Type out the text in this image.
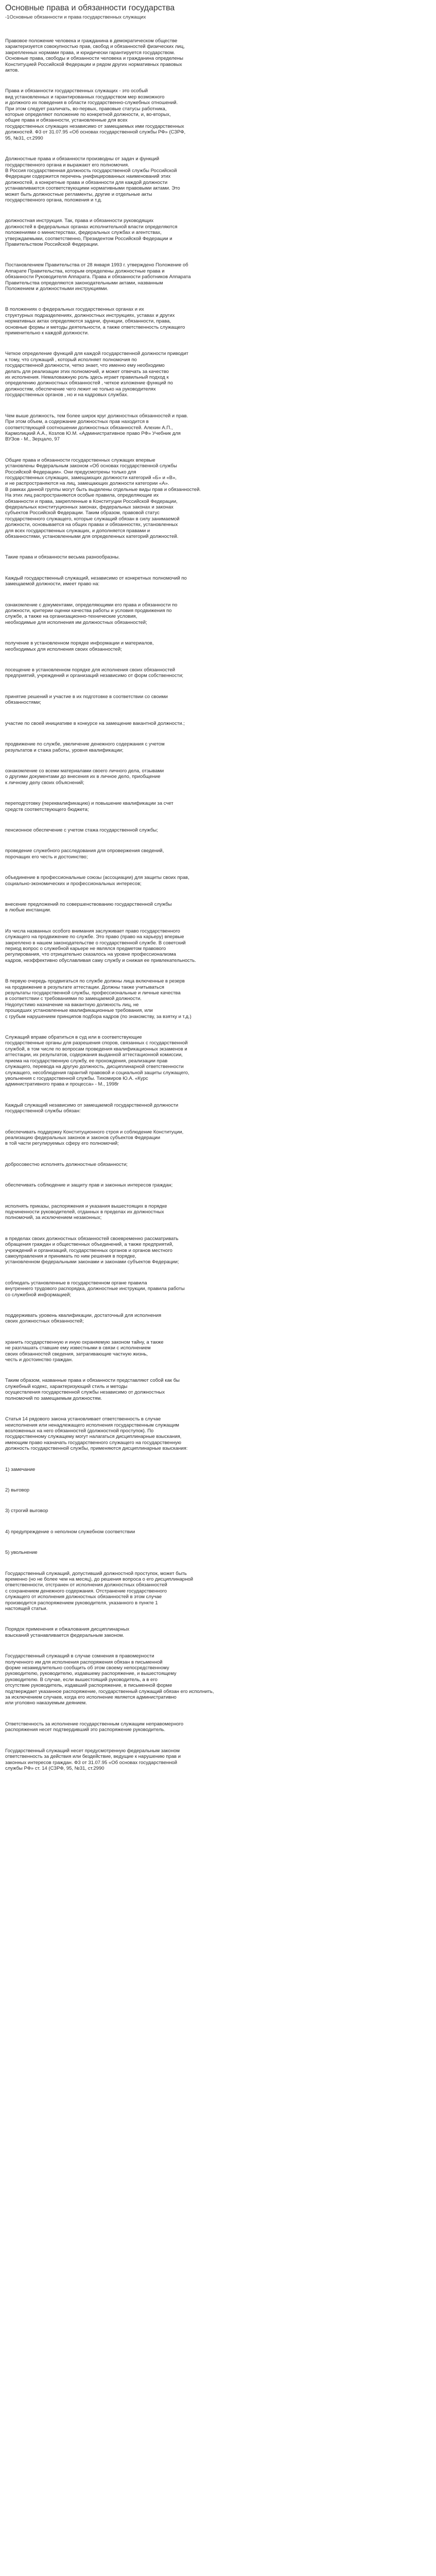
Основные права и обязанности государства
-1Основные обязанности и права государственных служащих
Правовое положение человека и гражданина в демократическом обществе
характеризуется совокупностью прав, свобод и обязанностей физических лиц,
закрепленных нормами права, и юридически гарантируется государством.
Основные права, свободы и обязанности человека и гражданина определены
Конституцией Российской Федерации и рядом других нормативных правовых
актов.
Права и обязанности государственных служащих - это особый
вид установленных и гарантированных государством мер возможного
и должного их поведения в области государственно-служебных отношений.
При этом следует различать, во-первых, правовые статусы работника,
которые определяют положение по конкретной должности, и, во-вторых,
общие права и обязанности, установленные для всех
государственных служащих независимо от замещаемых ими государственных
должностей. Ф3 от 31.07.95 «Об основах государственной службы РФ» (СЗРФ,
95, №31, ст.2990
Должностные права и обязанности производны от задач и функций
государственного органа и выражают его полномочия.
В Россия государственная должность государственной службы Российской
Федерации содержится перечень унифицированных наименований этих
должностей, а конкретные права и обязанности для каждой должности
устанавливаются соответствующими нормативными правовыми актами. Это
может быть должностные регламенты, другие и отдельные акты
государственного органа, положения и т.д.
должностная инструкция. Так, права и обязанности руководящих
должностей в федеральных органах исполнительной власти определяются
положениями о министерствах, федеральных службах и агентствах,
утверждаемыми, соответственно, Президентом Российской Федерации и
Правительством Российской Федерации.
Постановлением Правительства от 28 января 1993 г. утверждено Положение об
Аппарате Правительства, которым определены должностные права и
обязанности Руководителя Аппарата. Права и обязанности работников Аппарата
Правительства определяются законодательными актами, названным
Положением и должностными инструкциями.
В положениях о федеральных государственных органах и их
структурных подразделениях, должностных инструкциях, уставах и других
нормативных актах определяются задачи, функции, обязанности, права,
основные формы и методы деятельности, а также ответственность служащего
применительно к каждой должности.
Четкое определение функций для каждой государственной должности приводит
к тому, что служащий , который исполняет полномочия по
государственной должности, четко знает, что именно ему необходимо
делать для реализации этих полномочий, и может отвечать за качество
их исполнения. Немаловажную роль здесь играет правильный подход к
определению должностных обязанностей , четкое изложение функций по
должностям, обеспечение чего лежит не только на руководителях
государственных органов , но и на кадровых службах.
Чем выше должность, тем более широк круг должностных обязанностей и прав.
При этом объем, а содержание должностных прав находится в
соответствующей соотношении должностных обязанностей. Алехин А.П.,
Кармолицкий А.А., Козлов Ю.М. «Административное право РФ» Учебник для
ВУЗов - М., Зерцало, 97
Общие права и обязанности государственных служащих впервые
установлены Федеральным законом «Об основах государственной службы
Российской Федерации». Они предусмотрены только для
государственных служащих, замещающих должности категорий «Б» и «В»,
и не распространяются на лиц, замещающих должности категории «А».
В рамках данной группы могут быть выделены отдельные виды прав и обязанностей.
На этих лиц распространяются особые правила, определяющие их
обязанности и права, закрепленные в Конституции Российской Федерации,
федеральных конституционных законах, федеральных законах и законах
субъектов Российской Федерации. Таким образом, правовой статус
государственного служащего, которые служащий обязан в силу занимаемой
должности, основывается на общих правах и обязанностях, установленных
для всех государственных служащих, и дополняется правами и
обязанностями, установленными для определенных категорий должностей.
Такие права и обязанности весьма разнообразны.
Каждый государственный служащий, независимо от конкретных полномочий по
замещаемой должности, имеет право на:
ознакомление с документами, определяющими его права и обязанности по
должности, критерии оценки качества работы и условия продвижения по
службе, а также на организационно-технические условия,
необходимые для исполнения им должностных обязанностей;
получение в установленном порядке информации и материалов,
необходимых для исполнения своих обязанностей;
посещение в установленном порядке для исполнения своих обязанностей
предприятий, учреждений и организаций независимо от форм собственности;
принятие решений и участие в их подготовке в соответствии со своими
обязанностями;
участие по своей инициативе в конкурсе на замещение вакантной должности.;
продвижение по службе, увеличение денежного содержания с учетом
результатов и стажа работы, уровня квалификации;
ознакомление со всеми материалами своего личного дела, отзывами
о другими документами до внесения их в личное дело, приобщение
к личному делу своих объяснений;
переподготовку (переквалификацию) и повышение квалификации за счет
средств соответствующего бюджета;
пенсионное обеспечение с учетом стажа государственной службы;
проведение служебного расследования для опровержения сведений,
порочащих его честь и достоинство;
объединение в профессиональные союзы (ассоциации) для защиты своих прав,
социально-экономических и профессиональных интересов;
внесение предложений по совершенствованию государственной службы
в любые инстанции.
Из числа названных особого внимания заслуживает право государственного
служащего на продвижение по службе. Это право (право на карьеру) впервые
закреплено в нашем законодательстве о государственной службе. В советский
период вопрос о служебной карьере не являлся предметом правового
регулирования, что отрицательно сказалось на уровне профессионализма
кадров, неэффективно обуславливая саму службу и снижая ее привлекательность.
В первую очередь продвигаться по службе должны лица включенные в резерв
на продвижение в результате аттестации. Должны также учитываться
результаты государственной службы, профессиональные и личные качества
в соответствии с требованиями по замещаемой должности.
Недопустимо назначение на вакантную должность лиц, не
прошедших установленные квалификационные требования, или
с грубым нарушением принципов подбора кадров (по знакомству, за взятку и т.д.)
Служащий вправе обратиться в суд или в соответствующие
государственные органы для разрешения споров, связанных с государственной
службой, в том числе по вопросам проведения квалификационных экзаменов и
аттестации, их результатов, содержания выданной аттестационной комиссии,
приема на государственную службу, ее прохождения, реализации прав
служащего, перевода на другую должность, дисциплинарной ответственности
служащего, несоблюдения гарантий правовой и социальной защиты служащего,
увольнения с государственной службы. Тихомиров Ю.А. «Курс
административного права и процесса» - М., 1998г
Каждый служащий независимо от замещаемой государственной должности
государственной службы обязан:
обеспечивать поддержку Конституционного строя и соблюдение Конституции,
реализацию федеральных законов и законов субъектов Федерации
в той части регулируемых сферу его полномочий;
добросовестно исполнять должностные обязанности;
обеспечивать соблюдение и защиту прав и законных интересов граждан;
исполнять приказы, распоряжения и указания вышестоящих в порядке
подчиненности руководителей, отданных в пределах их должностных
полномочий, за исключением незаконных;
в пределах своих должностных обязанностей своевременно рассматривать
обращения граждан и общественных объединений, а также предприятий,
учреждений и организаций, государственных органов и органов местного
самоуправления и принимать по ним решения в порядке,
установленном федеральными законами и законами субъектов Федерации;
соблюдать установленные в государственном органе правила
внутреннего трудового распорядка, должностные инструкции, правила работы
со служебной информацией;
поддерживать уровень квалификации, достаточный для исполнения
своих должностных обязанностей;
хранить государственную и иную охраняемую законом тайну, а также
не разглашать ставшие ему известными в связи с исполнением
своих обязанностей сведения, затрагивающие частную жизнь,
честь и достоинство граждан.
Таким образом, названные права и обязанности представляют собой как бы
служебный кодекс, характеризующий стиль и методы
осуществления государственной службы независимо от должностных
полномочий по замещаемым должностям.
Статья 14 рядового закона установливает ответственность в случае
неисполнения или ненадлежащего исполнения государственным служащим
возложенных на него обязанностей (должностной проступок). По
государственному служащему могут налагаться дисциплинарные взыскания,
имеющим право назначать государственного служащего на государственную
должность государственной службы, применяются дисциплинарные взыскания:
1) замечание
2) выговор
3) строгий выговор
4) предупреждение о неполном служебном соответствии
5) увольнение
Государственный служащий, допустивший должностной проступок, может быть
временно (но не более чем на месяц), до решения вопроса о его дисциплинарной
ответственности, отстранен от исполнения должностных обязанностей
с сохранением денежного содержания. Отстранение государственного
служащего от исполнения должностных обязанностей в этом случае
производится распоряжением руководителя, указанного в пункте 1
настоящей статьи.
Порядок применения и обжалования дисциплинарных
взысканий устанавливается федеральным законом.
Государственный служащий в случае сомнения в правомерности
полученного им для исполнения распоряжения обязан в письменной
форме незамедлительно сообщить об этом своему непосредственному
руководителю, руководителю, издавшему распоряжение, и вышестоящему
руководителю. В случае, если вышестоящий руководитель, а в его
отсутствие руководитель, издавший распоряжение, в письменной форме
подтверждает указанное распоряжение, государственный служащий обязан его исполнить,
за исключением случаев, когда его исполнение является административно
или уголовно наказуемым деянием.
Ответственность за исполнение государственным служащим неправомерного
распоряжения несет подтвердивший это распоряжение руководитель.
Государственный служащий несет предусмотренную федеральным законом
ответственность за действия или бездействие, ведущие к нарушению прав и
законных интересов граждан. Ф3 от 31.07.95 «Об основах государственной
службы РФ» ст. 14 (СЗРФ, 95, №31, ст.2990
